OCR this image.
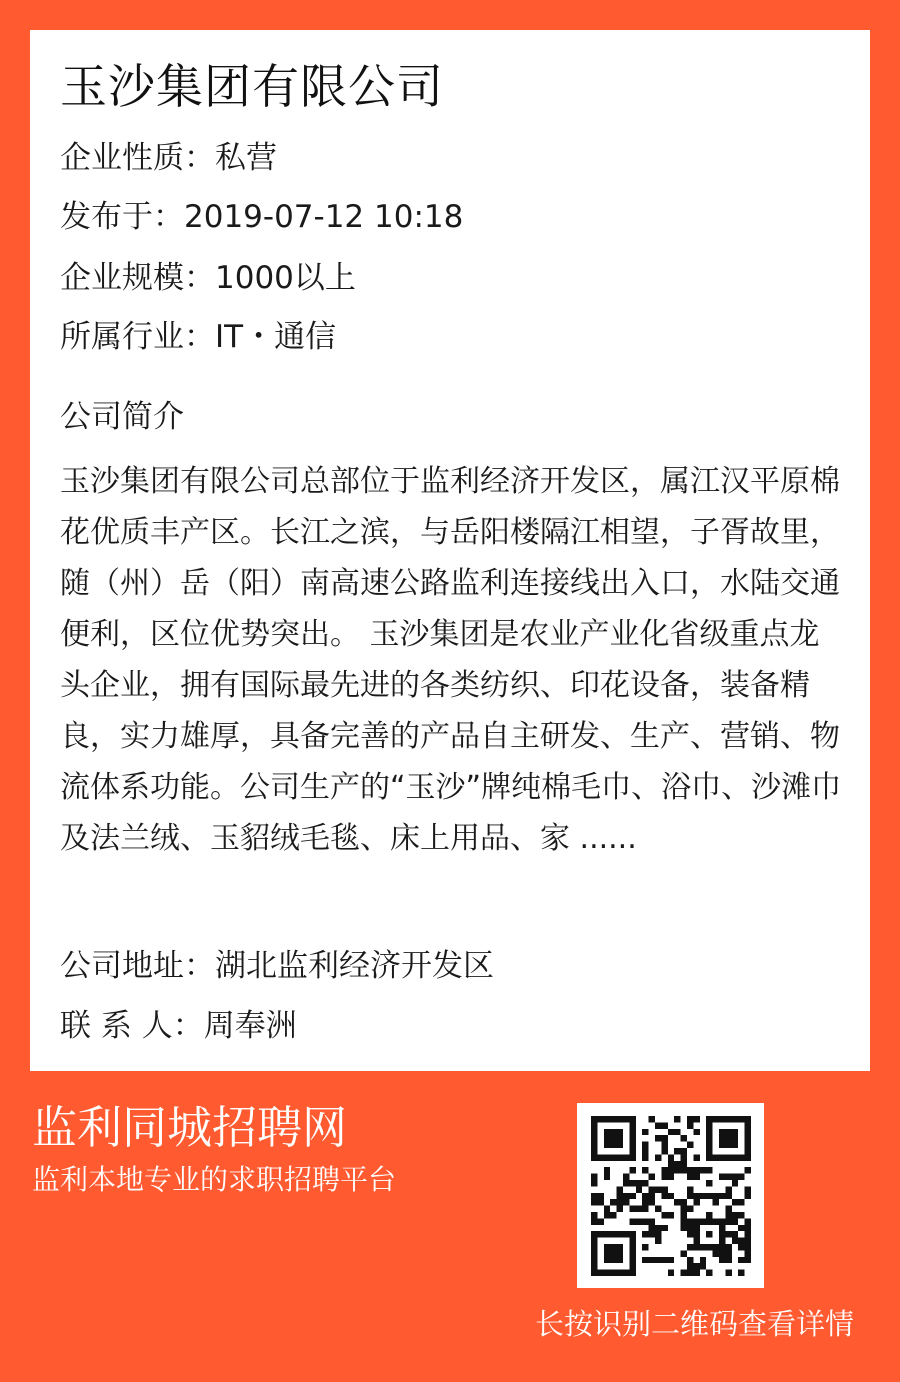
玉沙集团有限公司
企业性质：私营
发布于：2019-07-12 10:18
企业规模：1000以上
所属行业：IT・通信
公司简介
玉沙集团有限公司总部位于监利经济开发区，属江汉平原棉花优质丰产区。长江之滨，与岳阳楼隔江相望，子胥故里，随（州）岳（阳）南高速公路监利连接线出入口，水陆交通便利，区位优势突出。 玉沙集团是农业产业化省级重点龙头企业，拥有国际最先进的各类纺织、印花设备，装备精良，实力雄厚，具备完善的产品自主研发、生产、营销、物流体系功能。公司生产的“玉沙”牌纯棉毛巾、浴巾、沙滩巾及法兰绒、玉貂绒毛毯、床上用品、家 ......
公司地址：湖北监利经济开发区
联 系 人：周奉洲
监利同城招聘网
监利本地专业的求职招聘平台
长按识别二维码查看详情
